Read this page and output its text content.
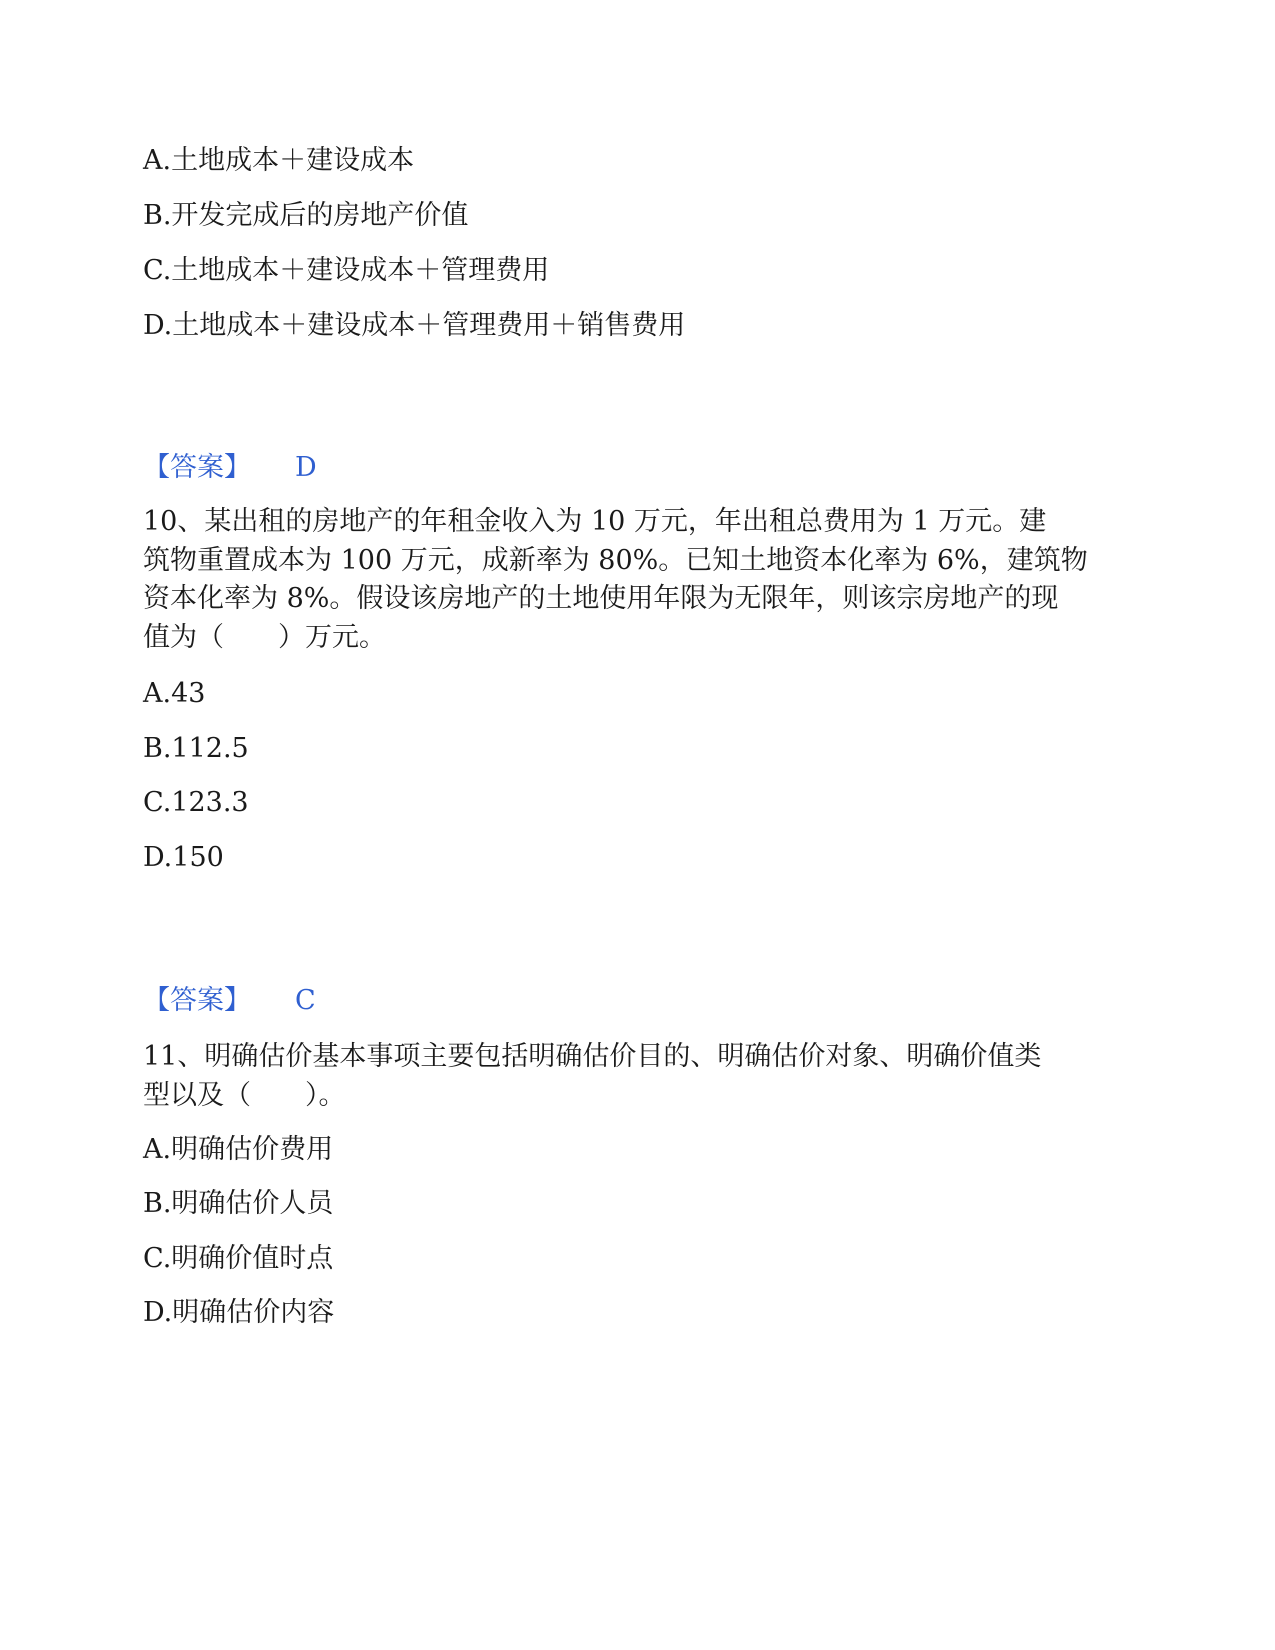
A.土地成本＋建设成本
B.开发完成后的房地产价值
C.土地成本＋建设成本＋管理费用
D.土地成本＋建设成本＋管理费用＋销售费用
【答案】 D
10、某出租的房地产的年租金收入为 10 万元，年出租总费用为 1 万元。建
筑物重置成本为 100 万元，成新率为 80%。已知土地资本化率为 6%，建筑物
资本化率为 8%。假设该房地产的土地使用年限为无限年，则该宗房地产的现
值为（　　）万元。
A.43
B.112.5
C.123.3
D.150
【答案】 C
11、明确估价基本事项主要包括明确估价目的、明确估价对象、明确价值类
型以及（　　）。
A.明确估价费用
B.明确估价人员
C.明确价值时点
D.明确估价内容
